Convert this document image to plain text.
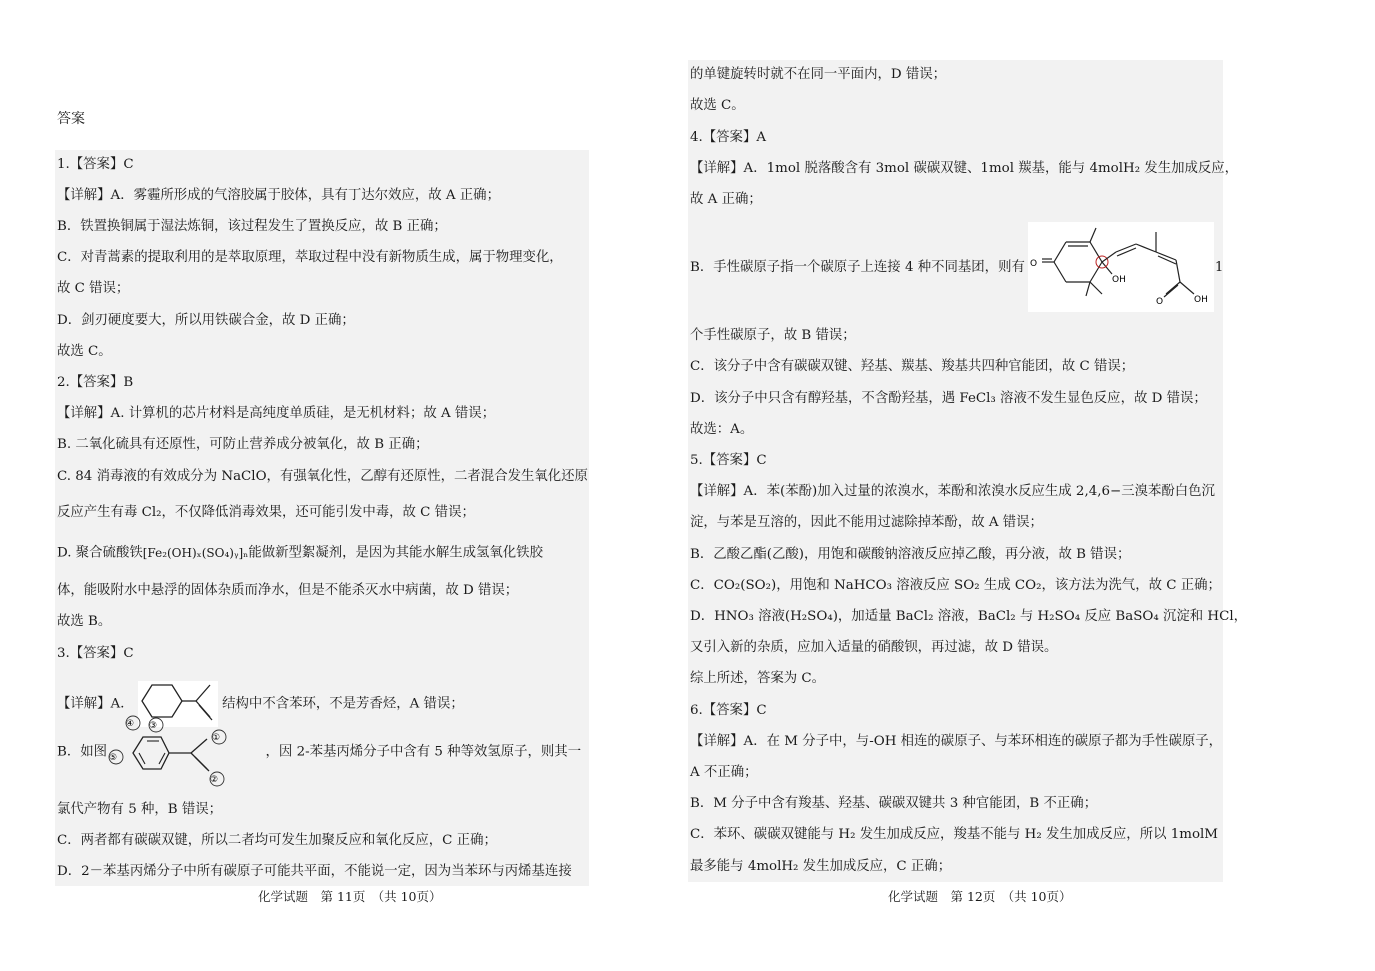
答案
1.【答案】C
【详解】A．雾霾所形成的气溶胶属于胶体，具有丁达尔效应，故 A 正确；
B．铁置换铜属于湿法炼铜，该过程发生了置换反应，故 B 正确；
C．对青蒿素的提取利用的是萃取原理，萃取过程中没有新物质生成，属于物理变化，
故 C 错误；
D．剑刃硬度要大，所以用铁碳合金，故 D 正确；
故选 C。
2.【答案】B
【详解】A. 计算机的芯片材料是高纯度单质硅，是无机材料；故 A 错误；
B. 二氧化硫具有还原性，可防止营养成分被氧化，故 B 正确；
C. 84 消毒液的有效成分为 NaClO，有强氧化性，乙醇有还原性，二者混合发生氧化还原
反应产生有毒 Cl₂，不仅降低消毒效果，还可能引发中毒，故 C 错误；
D. 聚合硫酸铁[Fe₂(OH)ₓ(SO₄)ᵧ]ₙ能做新型絮凝剂，是因为其能水解生成氢氧化铁胶
体，能吸附水中悬浮的固体杂质而净水，但是不能杀灭水中病菌，故 D 错误；
故选 B。
3.【答案】C
【详解】A．	结构中不含苯环，不是芳香烃，A 错误；
B．如图
①
②
③
④
⑤	，因 2-苯基丙烯分子中含有 5 种等效氢原子，则其一
氯代产物有 5 种，B 错误；
C．两者都有碳碳双键，所以二者均可发生加聚反应和氧化反应，C 正确；
D．2－苯基丙烯分子中所有碳原子可能共平面，不能说一定，因为当苯环与丙烯基连接
化学试题　第 11页　（共 10页）
的单键旋转时就不在同一平面内，D 错误；
故选 C。
4.【答案】A
【详解】A．1mol 脱落酸含有 3mol 碳碳双键、1mol 羰基，能与 4molH₂ 发生加成反应，
故 A 正确；
B．手性碳原子指一个碳原子上连接 4 种不同基团，则有	1
O
OH
O	OH
个手性碳原子，故 B 错误；
C．该分子中含有碳碳双键、羟基、羰基、羧基共四种官能团，故 C 错误；
D．该分子中只含有醇羟基，不含酚羟基，遇 FeCl₃ 溶液不发生显色反应，故 D 错误；
故选：A。
5.【答案】C
【详解】A．苯(苯酚)加入过量的浓溴水，苯酚和浓溴水反应生成 2,4,6−三溴苯酚白色沉
淀，与苯是互溶的，因此不能用过滤除掉苯酚，故 A 错误；
B．乙酸乙酯(乙酸)，用饱和碳酸钠溶液反应掉乙酸，再分液，故 B 错误；
C．CO₂(SO₂)，用饱和 NaHCO₃ 溶液反应 SO₂ 生成 CO₂，该方法为洗气，故 C 正确；
D．HNO₃ 溶液(H₂SO₄)，加适量 BaCl₂ 溶液，BaCl₂ 与 H₂SO₄ 反应 BaSO₄ 沉淀和 HCl，
又引入新的杂质，应加入适量的硝酸钡，再过滤，故 D 错误。
综上所述，答案为 C。
6.【答案】C
【详解】A．在 M 分子中，与-OH 相连的碳原子、与苯环相连的碳原子都为手性碳原子，
A 不正确；
B．M 分子中含有羧基、羟基、碳碳双键共 3 种官能团，B 不正确；
C．苯环、碳碳双键能与 H₂ 发生加成反应，羧基不能与 H₂ 发生加成反应，所以 1molM
最多能与 4molH₂ 发生加成反应，C 正确；
化学试题　第 12页　（共 10页）
